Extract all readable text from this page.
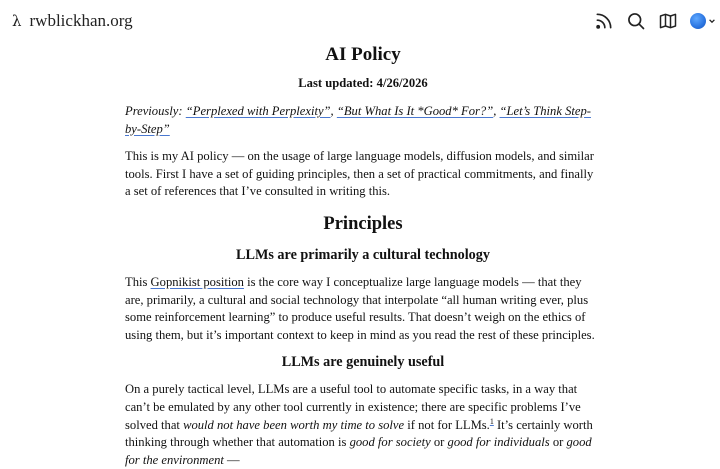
λ rwblickhan.org
AI Policy
Last updated: 4/26/2026

Previously: “Perplexed with Perplexity”, “But What Is It *Good* For?”, “Let’s Think Step-by-Step”

This is my AI policy — on the usage of large language models, diffusion models, and similar tools. First I have a set of guiding principles, then a set of practical commitments, and finally a set of references that I’ve consulted in writing this.

Principles
LLMs are primarily a cultural technology

This Gopnikist position is the core way I conceptualize large language models — that they are, primarily, a cultural and social technology that interpolate “all human writing ever, plus some reinforcement learning” to produce useful results. That doesn’t weigh on the ethics of using them, but it’s important context to keep in mind as you read the rest of these principles.

LLMs are genuinely useful

On a purely tactical level, LLMs are a useful tool to automate specific tasks, in a way that can’t be emulated by any other tool currently in existence; there are specific problems I’ve solved that would not have been worth my time to solve if not for LLMs.$^1$ It’s certainly worth thinking through whether that automation is good for society or good for individuals or good for the environment —
